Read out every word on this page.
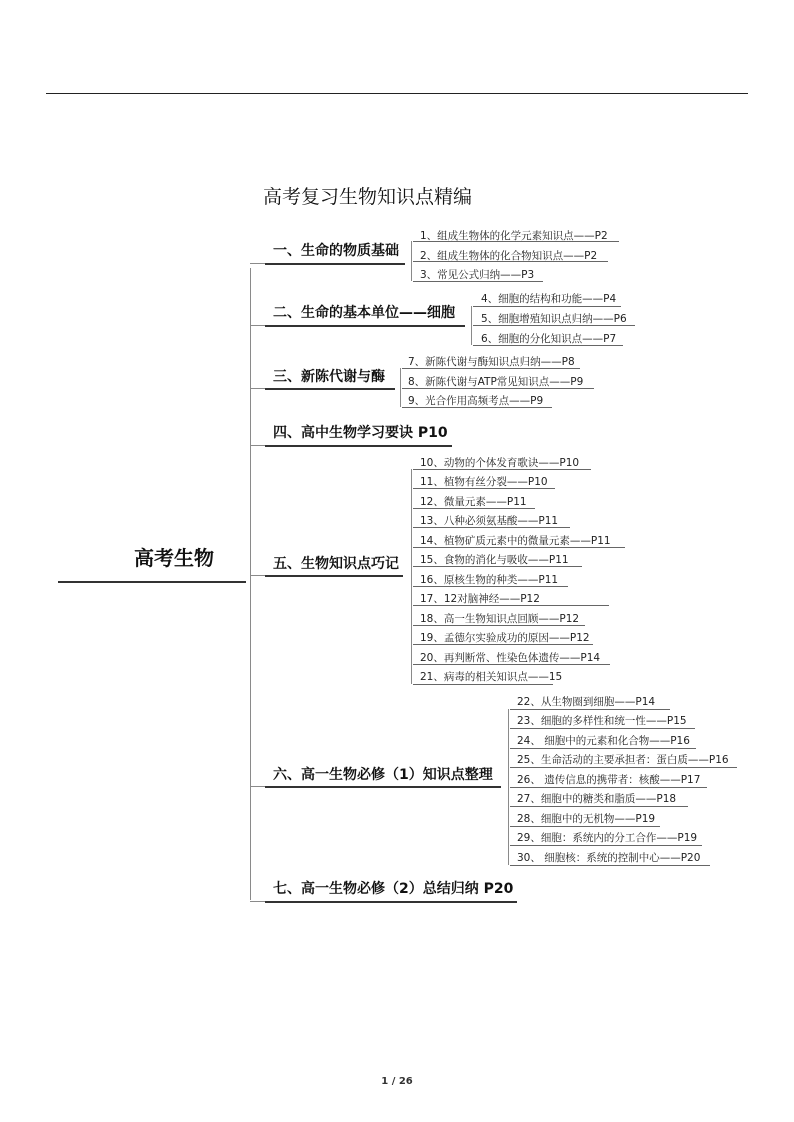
高考复习生物知识点精编
高考生物
一、生命的物质基础
1、组成生物体的化学元素知识点——P2
2、组成生物体的化合物知识点——P2
3、常见公式归纳——P3
二、生命的基本单位——细胞
4、细胞的结构和功能——P4
5、细胞增殖知识点归纳——P6
6、细胞的分化知识点——P7
三、新陈代谢与酶
7、新陈代谢与酶知识点归纳——P8
8、新陈代谢与ATP常见知识点——P9
9、光合作用高频考点——P9
四、高中生物学习要诀 P10
五、生物知识点巧记
10、动物的个体发育歌诀——P10
11、植物有丝分裂——P10
12、微量元素——P11
13、八种必须氨基酸——P11
14、植物矿质元素中的微量元素——P11
15、食物的消化与吸收——P11
16、原核生物的种类——P11
17、12对脑神经——P12
18、高一生物知识点回顾——P12
19、孟德尔实验成功的原因——P12
20、再判断常、性染色体遗传——P14
21、病毒的相关知识点——15
六、高一生物必修（1）知识点整理
22、从生物圈到细胞——P14
23、细胞的多样性和统一性——P15
24、 细胞中的元素和化合物——P16
25、生命活动的主要承担者：蛋白质——P16
26、 遗传信息的携带者：核酸——P17
27、细胞中的糖类和脂质——P18
28、细胞中的无机物——P19
29、细胞：系统内的分工合作——P19
30、 细胞核：系统的控制中心——P20
七、高一生物必修（2）总结归纳 P20
1 / 26
